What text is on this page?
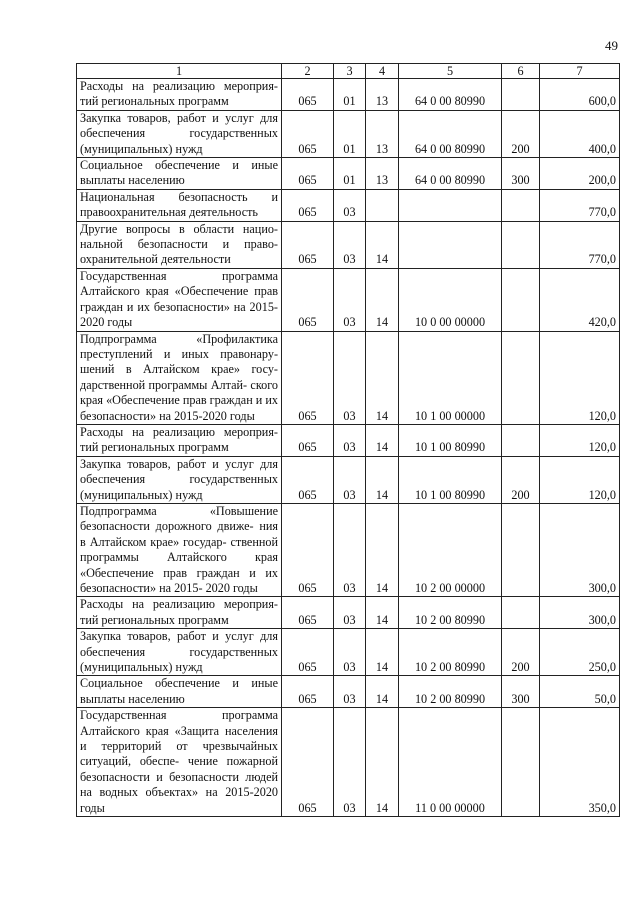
49
1	2	3	4	5	6	7
Расходы на реализацию мероприя- тий региональных программ	065	01	13	64 0 00 80990		600,0
Закупка товаров, работ и услуг для обеспечения государственных (муниципальных) нужд	065	01	13	64 0 00 80990	200	400,0
Социальное обеспечение и иные выплаты населению	065	01	13	64 0 00 80990	300	200,0
Национальная безопасность и правоохранительная деятельность	065	03				770,0
Другие вопросы в области нацио- нальной безопасности и право- охранительной деятельности	065	03	14			770,0
Государственная программа Алтайского края «Обеспечение прав граждан и их безопасности» на 2015-2020 годы	065	03	14	10 0 00 00000		420,0
Подпрограмма «Профилактика преступлений и иных правонару- шений в Алтайском крае» госу- дарственной программы Алтай- ского края «Обеспечение прав граждан и их безопасности» на 2015-2020 годы	065	03	14	10 1 00 00000		120,0
Расходы на реализацию мероприя- тий региональных программ	065	03	14	10 1 00 80990		120,0
Закупка товаров, работ и услуг для обеспечения государственных (муниципальных) нужд	065	03	14	10 1 00 80990	200	120,0
Подпрограмма «Повышение безопасности дорожного движе- ния в Алтайском крае» государ- ственной программы Алтайского края «Обеспечение прав граждан и их безопасности» на 2015- 2020 годы	065	03	14	10 2 00 00000		300,0
Расходы на реализацию мероприя- тий региональных программ	065	03	14	10 2 00 80990		300,0
Закупка товаров, работ и услуг для обеспечения государственных (муниципальных) нужд	065	03	14	10 2 00 80990	200	250,0
Социальное обеспечение и иные выплаты населению	065	03	14	10 2 00 80990	300	50,0
Государственная программа Алтайского края «Защита населения и территорий от чрезвычайных ситуаций, обеспе- чение пожарной безопасности и безопасности людей на водных объектах» на 2015-2020 годы	065	03	14	11 0 00 00000		350,0
